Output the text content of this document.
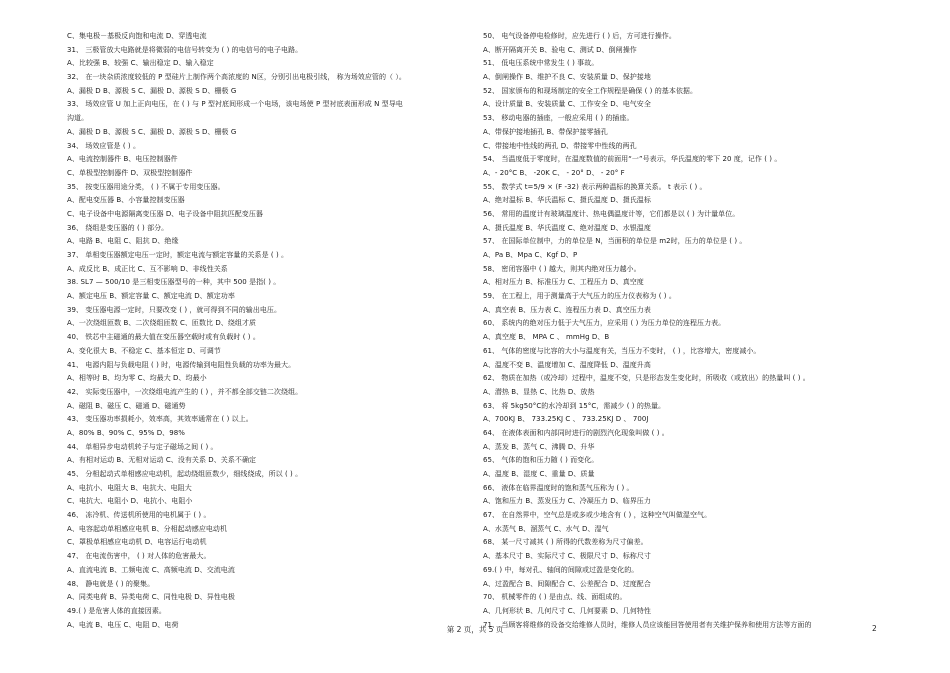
C、集电极－基极反向饱和电流 D、穿透电流
31、 三极管放大电路就是将微弱的电信号转变为 ( ) 的电信号的电子电路。
A、比较强 B、较强 C、输出稳定 D、输入稳定
32、 在一块杂质浓度较低的 P 型硅片上制作两个高浓度的 N区，分别引出电极引线， 称为场效应管的（ ）。
A、漏极 D B、源极 S C、漏极 D、源极 S D、栅极 G
33、 场效应管 U 加上正向电压，在 ( ) 与 P 型衬底间形成一个电场，该电场使 P 型衬底表面形成 N 型导电
沟道。
A、漏极 D B、源极 S C、漏极 D、源极 S D、栅极 G
34、 场效应管是 ( ) 。
A、电流控制器件 B、电压控制器件
C、单极型控制器件 D、双极型控制器件
35、 按变压器用途分类， ( ) 不属于专用变压器。
A、配电变压器 B、小容量控制变压器
C、电子设备中电源隔离变压器 D、电子设备中阻抗匹配变压器
36、 绕组是变压器的 ( ) 部分。
A、电路 B、电阻 C、阻抗 D、绝缘
37、 单相变压器额定电压一定时，额定电流与额定容量的关系是 ( ) 。
A、成反比 B、成正比 C、互不影响 D、非线性关系
38. SL7 — 500/10 是三相变压器型号的一种，其中 500 是指( ) 。
A、额定电压 B、额定容量 C、额定电流 D、额定功率
39、 变压器电源一定时，只要改变 ( ) ，就可得到不同的输出电压。
A、一次绕组匝数 B、二次绕组匝数 C、匝数比 D、绕组才质
40、 铁芯中主磁通的最大值在变压器空载时或有负载时 ( ) 。
A、变化很大 B、不稳定 C、基本恒定 D、可调节
41、 电源内阻与负载电阻 ( ) 时，电源传输到电阻性负载的功率为最大。
A、相等时 B、均为零 C、均最大 D、均最小
42、 实际变压器中，一次绕组电流产生的 ( ) ，并不都全部交链二次绕组。
A、磁阻 B、磁压 C、磁通 D、磁通势
43、 变压器功率损耗小，效率高，其效率通常在 ( ) 以上。
A、80% B、90% C、95% D、98%
44、 单相异步电动机转子与定子磁场之间 ( ) 。
A、有相对运动 B、无相对运动 C、没有关系 D、关系不确定
45、 分相起动式单相感应电动机，起动绕组匝数少，细线绕成，所以 ( ) 。
A、电抗小、电阻大 B、电抗大、电阻大
C、电抗大、电阻小 D、电抗小、电阻小
46、 冻冷机、传送机所使用的电机属于 ( ) 。
A、电容起动单相感应电机 B、分相起动感应电动机
C、罩极单相感应电动机 D、电容运行电动机
47、 在电流伤害中， ( ) 对人体的危害最大。
A、直流电流 B、工频电流 C、高频电流 D、交流电流
48、 静电就是 ( ) 的聚集。
A、同类电荷 B、异类电荷 C、同性电极 D、异性电极
49.( ) 是危害人体的直接因素。
A、电流 B、电压 C、电阻 D、电荷
50、 电气设备停电检修时，应先进行 ( ) 后，方可进行操作。
A、断开隔离开关 B、验电 C、测试 D、倒闸操作
51、 低电压系统中常发生 ( ) 事故。
A、倒闸操作 B、维护不良 C、安装质量 D、保护接地
52、 国家颁布的和现场制定的安全工作规程是确保 ( ) 的基本依据。
A、设计质量 B、安装质量 C、工作安全 D、电气安全
53、 移动电器的插座，一般应采用 ( ) 的插座。
A、带保护接地插孔 B、带保护接零插孔
C、带接地中性线的两孔 D、带接零中性线的两孔
54、 当温度低于零度时，在温度数值的前面用“一”号表示，华氏温度的零下 20 度，记作 ( ) 。
A、- 20°C B、 -20K C、 - 20° D、 - 20° F
55、 数学式 t=5/9 × (F -32) 表示两种温标的换算关系。 t 表示 ( ) 。
A、绝对温标 B、华氏温标 C、摄氏温度 D、摄氏温标
56、 常用的温度计有玻璃温度计、热电偶温度计等，它们都是以 ( ) 为计量单位。
A、摄氏温度 B、华氏温度 C、绝对温度 D、水银温度
57、 在国际单位制中，力的单位是 N，当面积的单位是 m2时，压力的单位是 ( ) 。
A、Pa B、Mpa C、Kgf D、P
58、 密闭容器中 ( ) 越大，则其内绝对压力越小。
A、相对压力 B、标准压力 C、工程压力 D、真空度
59、 在工程上，用于测量高于大气压力的压力仪表称为 ( ) 。
A、真空表 B、压力表 C、连程压力表 D、真空压力表
60、 系统内的绝对压力低于大气压力，应采用 ( ) 为压力单位的连程压力表。
A、真空度 B、 MPA C 、 mmHg D、B
61、 气体的密度与比容的大小与温度有关，当压力不变时， ( ) ，比容增大，密度减小。
A、温度不变 B、温度增加 C、温度降低 D、温度升高
62、 物质在加热（或冷却）过程中，温度不变，只是形态发生变化时，所吸收（或放出）的热量叫 ( ) 。
A、潜热 B、显热 C、比热 D、放热
63、 将 5kg50°C的水冷却到 15°C，需减少 ( ) 的热量。
A、700KJ B、 733.25KJ C 、 733.25KJ D 、 700J
64、 在液体表面和内部同时进行的剧烈汽化现象叫做 ( ) 。
A、蒸发 B、蒸气 C、沸腾 D、升华
65、 气体的饱和压力随 ( ) 而变化。
A、温度 B、湿度 C、重量 D、质量
66、 液体在临界温度时的饱和蒸气压称为 ( ) 。
A、饱和压力 B、蒸发压力 C、冷凝压力 D、临界压力
67、 在自然界中，空气总是或多或少地含有 ( ) ，这种空气叫做湿空气。
A、水蒸气 B、溜蒸气 C、水气 D、湿气
68、 某一尺寸减其 ( ) 所得的代数差称为尺寸偏差。
A、基本尺寸 B、实际尺寸 C、极限尺寸 D、标称尺寸
69.( ) 中，每对孔、轴间的间隙或过盈是变化的。
A、过盈配合 B、间隙配合 C、公差配合 D、过度配合
70、 机械零件的 ( ) 是由点、线、面组成的。
A、几何形状 B、几何尺寸 C、几何要素 D、几何特性
71、 当顾客将维修的设备交给维修人员时，维修人员应该能回答使用者有关维护保养和使用方法等方面的
第 2 页，共 5 页	2
